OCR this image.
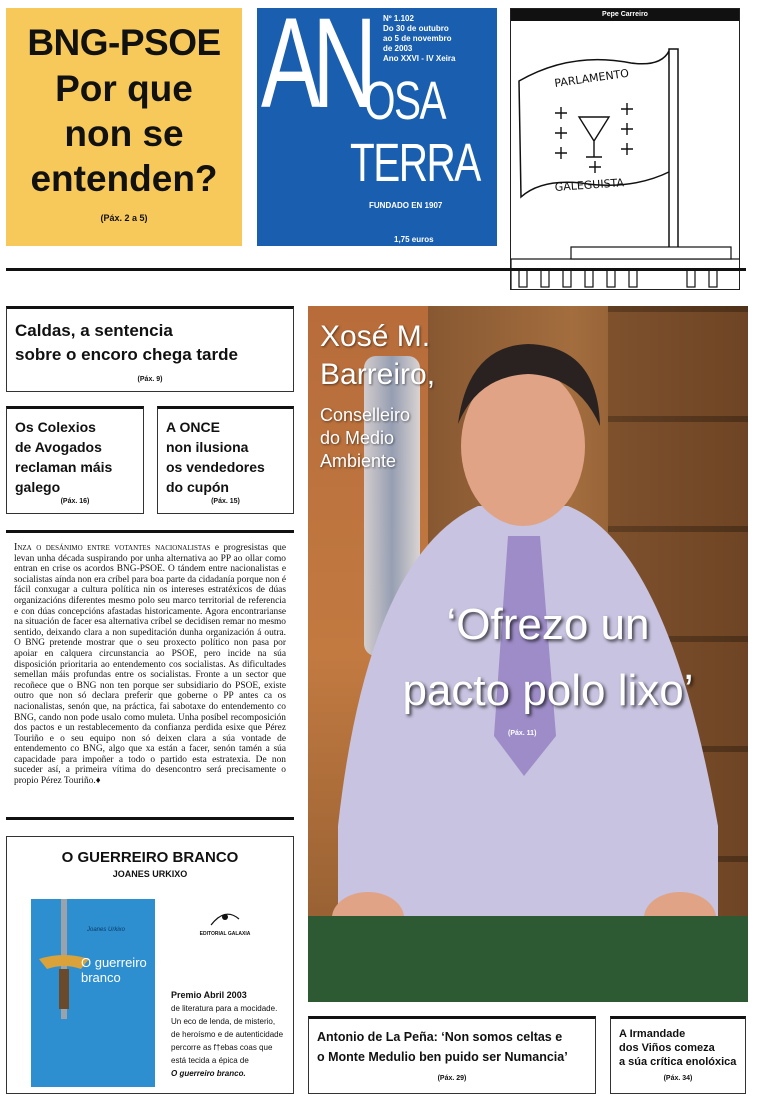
BNG-PSOE
Por que
non se
entenden?
(Páx. 2 a 5)
AN
OSA
TERRA
Nº 1.102
Do 30 de outubro
ao 5 de novembro
de 2003
Ano XXVI - IV Xeira
FUNDADO EN 1907
1,75 euros
Pepe Carreiro
PARLAMENTO
GALEGUISTA
Caldas, a sentencia
sobre o encoro chega tarde
(Páx. 9)
Os Colexios
de Avogados
reclaman máis
galego
(Páx. 16)
A ONCE
non ilusiona
os vendedores
do cupón
(Páx. 15)

Inza o desánimo entre votantes nacionalistas e progresistas que levan unha década suspirando por unha alternativa ao PP ao ollar como entran en crise os acordos BNG-PSOE. O tándem entre nacionalistas e socialistas aínda non era críbel para boa parte da cidadanía porque non é fácil conxugar a cultura política nin os intereses estratéxicos de dúas organizacións diferentes mesmo polo seu marco territorial de referencia e con dúas concepcións afastadas historicamente. Agora encontrarianse na situación de facer esa alternativa críbel se decidisen remar no mesmo sentido, deixando clara a non supeditación dunha organización á outra. O BNG pretende mostrar que o seu proxecto político non pasa por apoiar en calquera circunstancia ao PSOE, pero incide na súa disposición prioritaria ao entendemento cos socialistas. As dificultades semellan máis profundas entre os socialistas. Fronte a un sector que recoñece que o BNG non ten porque ser subsidiario do PSOE, existe outro que non só declara preferir que goberne o PP antes ca os nacionalistas, senón que, na práctica, fai sabotaxe do entendemento co BNG, cando non pode usalo como muleta. Unha posíbel recomposición dos pactos e un restablecemento da confianza perdida esixe que Pérez Touriño e o seu equipo non só deixen clara a súa vontade de entendemento co BNG, algo que xa están a facer, senón tamén a súa capacidade para impoñer a todo o partido esta estratexia. De non suceder así, a primeira vítima do desencontro será precisamente o propio Pérez Touriño.♦

O GUERREIRO BRANCO
JOANES URKIXO
Joanes Urkixo
O guerreiro
branco
EDITORIAL GALAXIA
Premio Abril 2003
de literatura para a mocidade.
Un eco de lenda, de misterio,
de heroísmo e de autenticidade
percorre as f†ebas coas que
está tecida a épica de
O guerreiro branco.
Xosé M.
Barreiro,
Conselleiro
do Medio
Ambiente
‘Ofrezo un
pacto polo lixo’
(Páx. 11)
Antonio de La Peña: ‘Non somos celtas e
o Monte Medulio ben puido ser Numancia’
(Páx. 29)
A Irmandade
dos Viños comeza
a súa crítica enolóxica
(Páx. 34)
